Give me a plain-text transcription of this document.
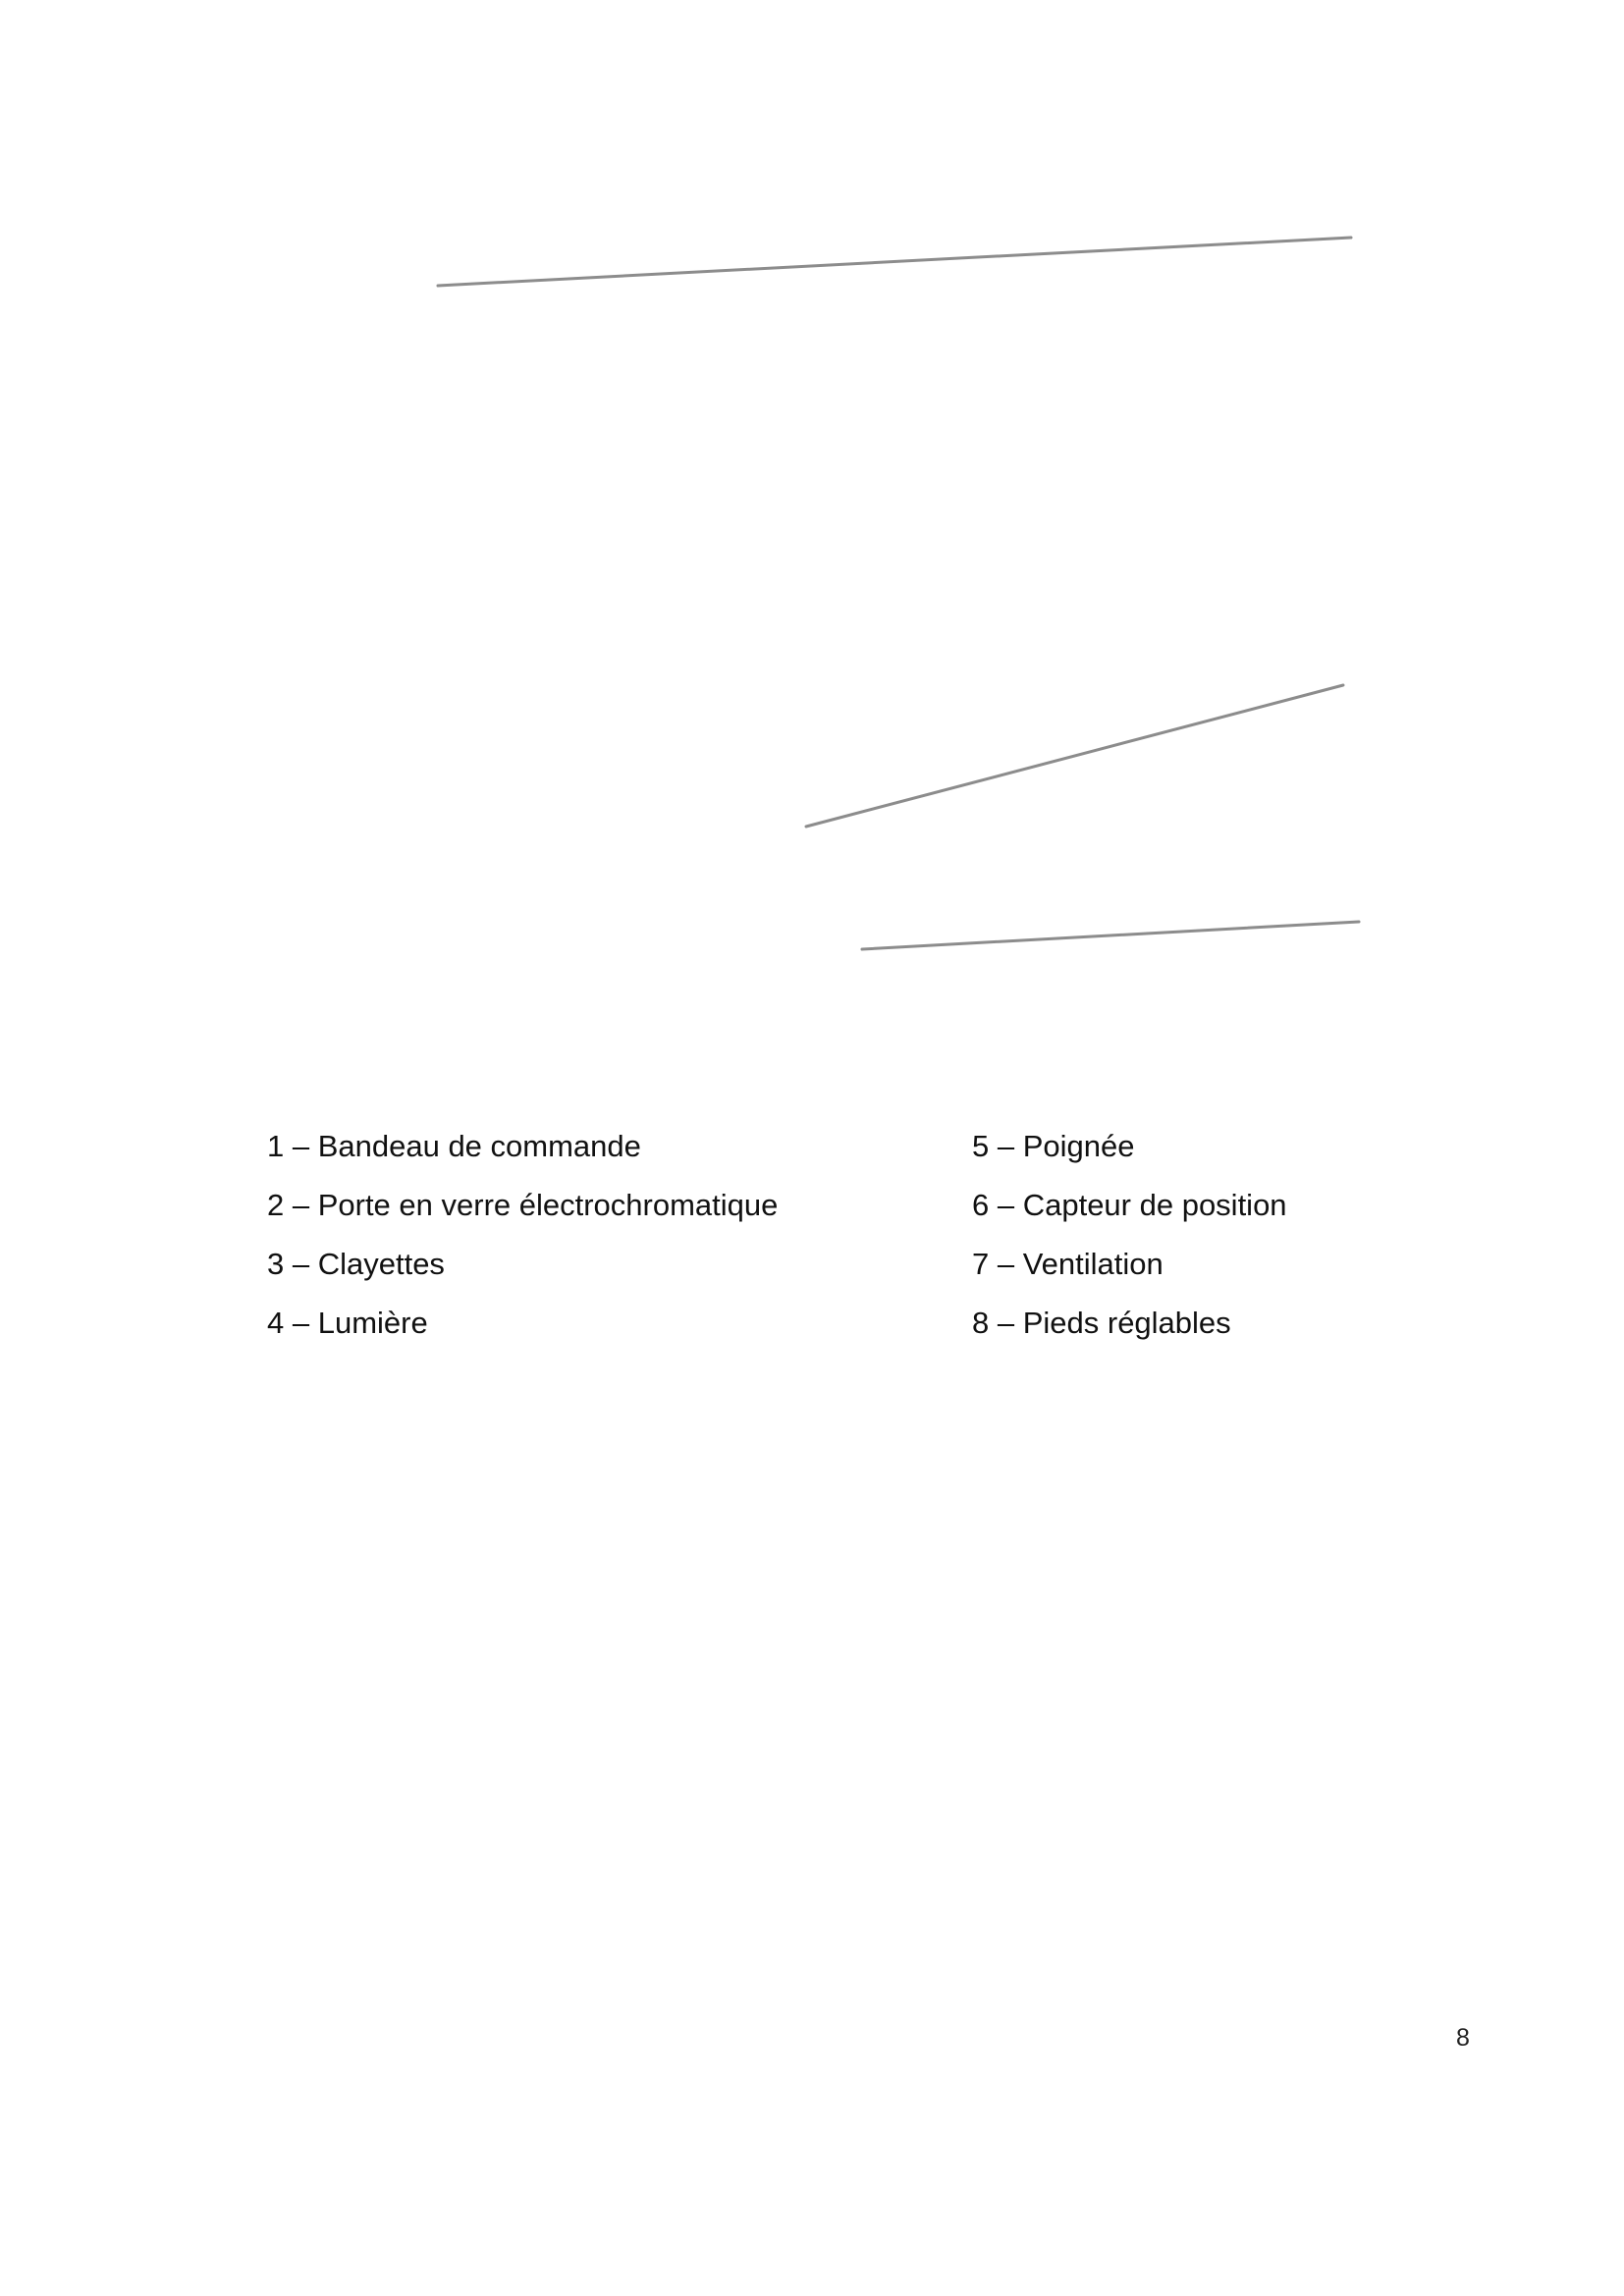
1 – Bandeau de commande
2 – Porte en verre électrochromatique
3 – Clayettes
4 – Lumière
5 – Poignée
6 – Capteur de position
7 – Ventilation
8 – Pieds réglables
8
